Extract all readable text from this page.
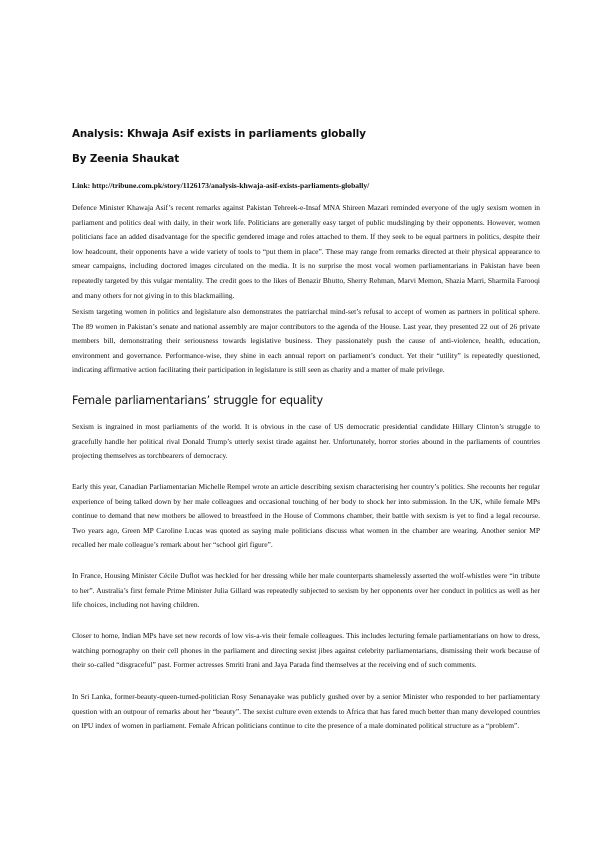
Analysis: Khwaja Asif exists in parliaments globally
By Zeenia Shaukat
Link: http://tribune.com.pk/story/1126173/analysis-khwaja-asif-exists-parliaments-globally/

Defence Minister Khawaja Asif’s recent remarks against Pakistan Tehreek-e-Insaf MNA Shireen Mazari reminded everyone of the ugly sexism women in parliament and politics deal with daily, in their work life. Politicians are generally easy target of public mudslinging by their opponents. However, women politicians face an added disadvantage for the specific gendered image and roles attached to them. If they seek to be equal partners in politics, despite their low headcount, their opponents have a wide variety of tools to “put them in place”. These may range from remarks directed at their physical appearance to smear campaigns, including doctored images circulated on the media. It is no surprise the most vocal women parliamentarians in Pakistan have been repeatedly targeted by this vulgar mentality. The credit goes to the likes of Benazir Bhutto, Sherry Rehman, Marvi Memon, Shazia Marri, Sharmila Farooqi and many others for not giving in to this blackmailing.

Sexism targeting women in politics and legislature also demonstrates the patriarchal mind-set’s refusal to accept of women as partners in political sphere. The 89 women in Pakistan’s senate and national assembly are major contributors to the agenda of the House. Last year, they presented 22 out of 26 private members bill, demonstrating their seriousness towards legislative business. They passionately push the cause of anti-violence, health, education, environment and governance. Performance-wise, they shine in each annual report on parliament’s conduct. Yet their “utility” is repeatedly questioned, indicating affirmative action facilitating their participation in legislature is still seen as charity and a matter of male privilege.

Female parliamentarians’ struggle for equality

Sexism is ingrained in most parliaments of the world. It is obvious in the case of US democratic presidential candidate Hillary Clinton’s struggle to gracefully handle her political rival Donald Trump’s utterly sexist tirade against her. Unfortunately, horror stories abound in the parliaments of countries projecting themselves as torchbearers of democracy.

Early this year, Canadian Parliamentarian Michelle Rempel wrote an article describing sexism characterising her country’s politics. She recounts her regular experience of being talked down by her male colleagues and occasional touching of her body to shock her into submission. In the UK, while female MPs continue to demand that new mothers be allowed to breastfeed in the House of Commons chamber, their battle with sexism is yet to find a legal recourse. Two years ago, Green MP Caroline Lucas was quoted as saying male politicians discuss what women in the chamber are wearing. Another senior MP recalled her male colleague’s remark about her “school girl figure”.

In France, Housing Minister Cécile Duflot was heckled for her dressing while her male counterparts shamelessly asserted the wolf-whistles were “in tribute to her”. Australia’s first female Prime Minister Julia Gillard was repeatedly subjected to sexism by her opponents over her conduct in politics as well as her life choices, including not having children.

Closer to home, Indian MPs have set new records of low vis-a-vis their female colleagues. This includes lecturing female parliamentarians on how to dress, watching pornography on their cell phones in the parliament and directing sexist jibes against celebrity parliamentarians, dismissing their work because of their so-called “disgraceful” past. Former actresses Smriti Irani and Jaya Parada find themselves at the receiving end of such comments.

In Sri Lanka, former-beauty-queen-turned-politician Rosy Senanayake was publicly gushed over by a senior Minister who responded to her parliamentary question with an outpour of remarks about her “beauty”. The sexist culture even extends to Africa that has fared much better than many developed countries on IPU index of women in parliament. Female African politicians continue to cite the presence of a male dominated political structure as a “problem”.
